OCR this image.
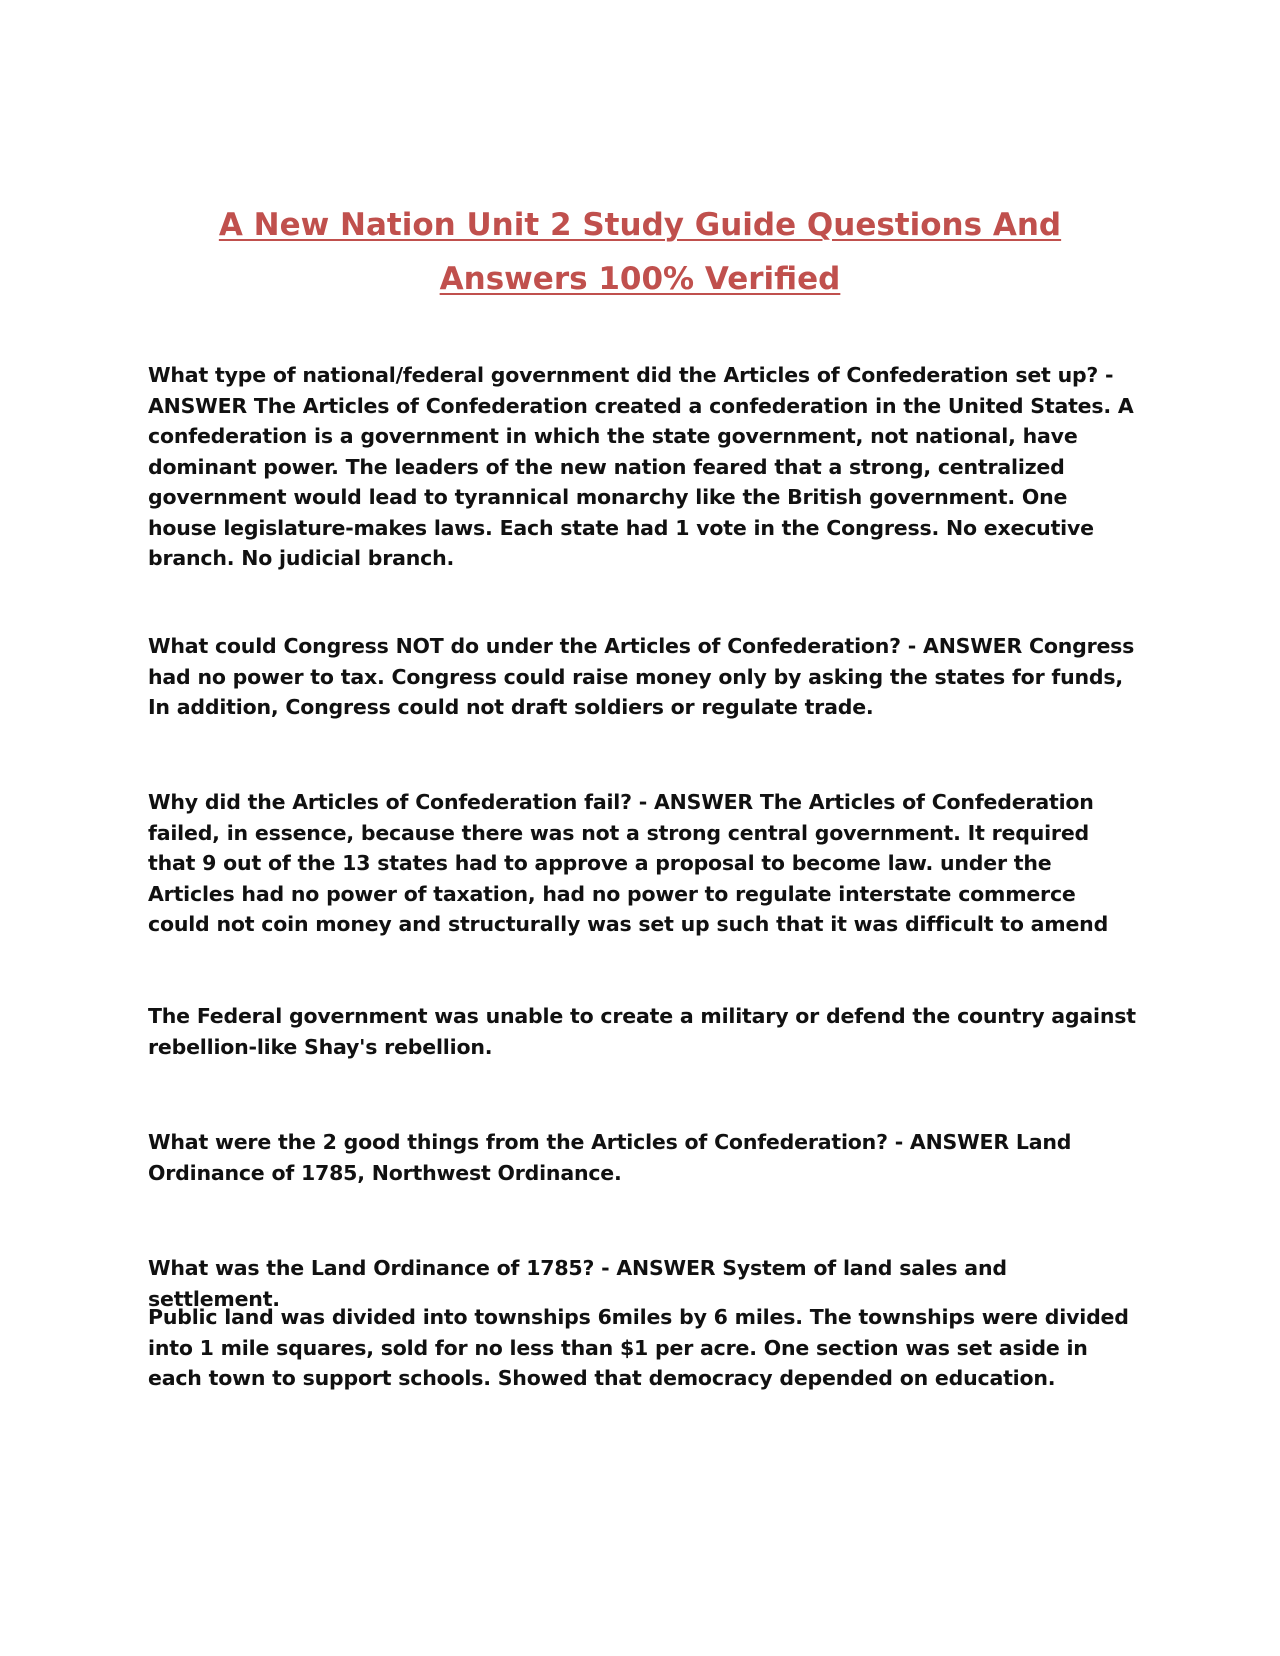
A New Nation Unit 2 Study Guide Questions And
Answers 100% Verified

What type of national/federal government did the Articles of Confederation set up? - ANSWER The Articles of Confederation created a confederation in the United States. A confederation is a government in which the state government, not national, have dominant power. The leaders of the new nation feared that a strong, centralized government would lead to tyrannical monarchy like the British government. One house legislature-makes laws. Each state had 1 vote in the Congress. No executive branch. No judicial branch.

What could Congress NOT do under the Articles of Confederation? - ANSWER Congress had no power to tax. Congress could raise money only by asking the states for funds, In addition, Congress could not draft soldiers or regulate trade.

Why did the Articles of Confederation fail? - ANSWER The Articles of Confederation failed, in essence, because there was not a strong central government. It required that 9 out of the 13 states had to approve a proposal to become law. under the Articles had no power of taxation, had no power to regulate interstate commerce could not coin money and structurally was set up such that it was difficult to amend

The Federal government was unable to create a military or defend the country against rebellion-like Shay's rebellion.

What were the 2 good things from the Articles of Confederation? - ANSWER Land Ordinance of 1785, Northwest Ordinance.

What was the Land Ordinance of 1785? - ANSWER System of land sales and settlement.

Public land was divided into townships 6miles by 6 miles. The townships were divided into 1 mile squares, sold for no less than $1 per acre. One section was set aside in each town to support schools. Showed that democracy depended on education.
